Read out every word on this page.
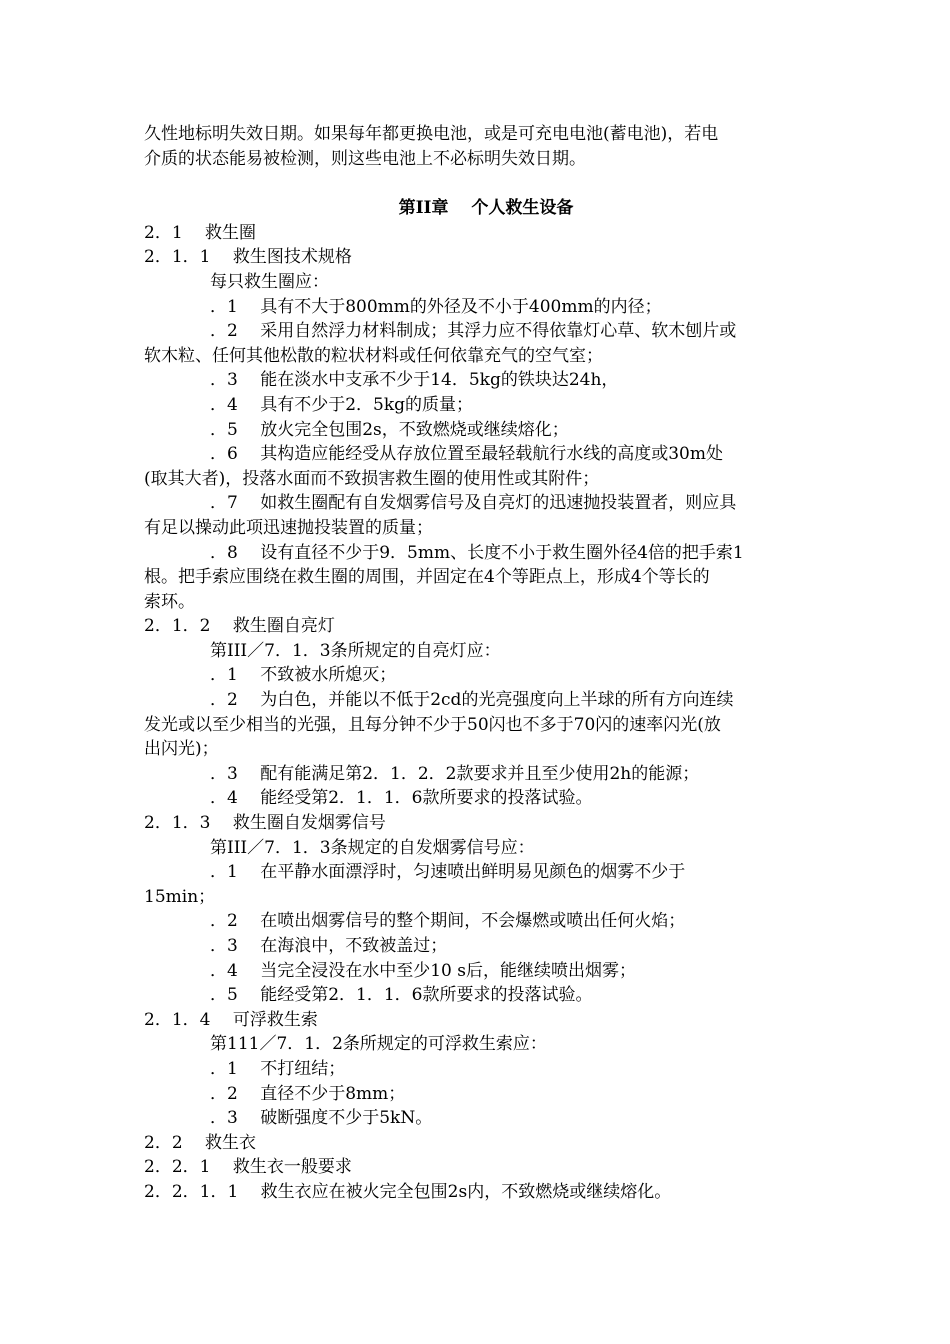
久性地标明失效日期。如果每年都更换电池，或是可充电电池(蓄电池)，若电
介质的状态能易被检测，则这些电池上不必标明失效日期。
第II章　 个人救生设备
2．1　 救生圈
2．1．1　 救生图技术规格
每只救生圈应：
．1　 具有不大于800mm的外径及不小于400mm的内径；
．2　 采用自然浮力材料制成；其浮力应不得依靠灯心草、软木刨片或
软木粒、任何其他松散的粒状材料或任何依靠充气的空气室；
．3　 能在淡水中支承不少于14．5kg的铁块达24h，
．4　 具有不少于2．5kg的质量；
．5　 放火完全包围2s，不致燃烧或继续熔化；
．6　 其构造应能经受从存放位置至最轻载航行水线的高度或30m处
(取其大者)，投落水面而不致损害救生圈的使用性或其附件；
．7　 如救生圈配有自发烟雾信号及自亮灯的迅速抛投装置者，则应具
有足以操动此项迅速抛投装置的质量；
．8　 设有直径不少于9．5mm、长度不小于救生圈外径4倍的把手索1
根。把手索应围绕在救生圈的周围，并固定在4个等距点上，形成4个等长的
索环。
2．1．2　 救生圈自亮灯
第III／7．1．3条所规定的自亮灯应：
．1　 不致被水所熄灭；
．2　 为白色，并能以不低于2cd的光亮强度向上半球的所有方向连续
发光或以至少相当的光强，且每分钟不少于50闪也不多于70闪的速率闪光(放
出闪光)；
．3　 配有能满足第2．1．2．2款要求并且至少使用2h的能源；
．4　 能经受第2．1．1．6款所要求的投落试验。
2．1．3　 救生圈自发烟雾信号
第III／7．1．3条规定的自发烟雾信号应：
．1　 在平静水面漂浮时，匀速喷出鲜明易见颜色的烟雾不少于
15min；
．2　 在喷出烟雾信号的整个期间，不会爆燃或喷出任何火焰；
．3　 在海浪中，不致被盖过；
．4　 当完全浸没在水中至少10 s后，能继续喷出烟雾；
．5　 能经受第2．1．1．6款所要求的投落试验。
2．1．4　 可浮救生索
第111／7．1．2条所规定的可浮救生索应：
．1　 不打纽结；
．2　 直径不少于8mm；
．3　 破断强度不少于5kN。
2．2　 救生衣
2．2．1　 救生衣一般要求
2．2．1．1　 救生衣应在被火完全包围2s内，不致燃烧或继续熔化。
